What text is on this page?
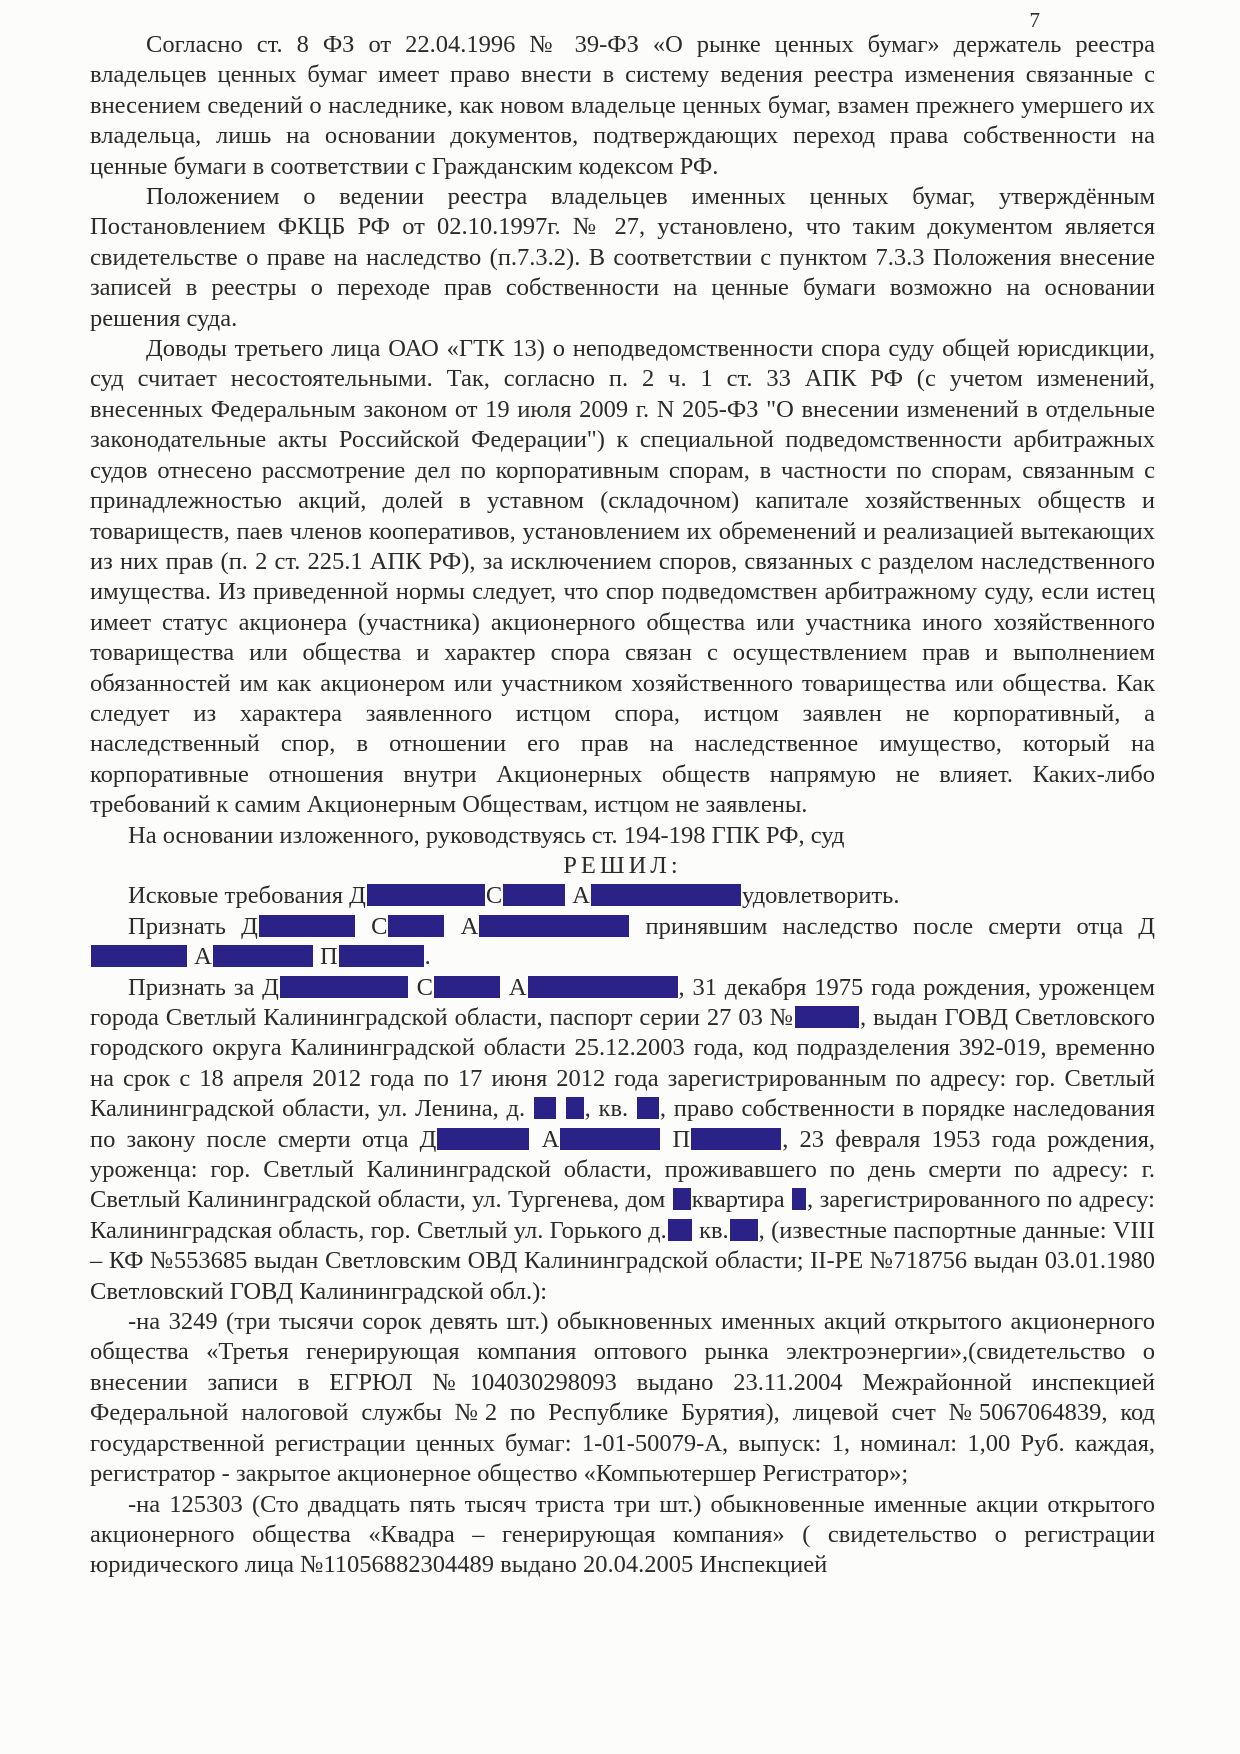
7

Согласно ст. 8 ФЗ от 22.04.1996 № 39-ФЗ «О рынке ценных бумаг» держатель реестра владельцев ценных бумаг имеет право внести в систему ведения реестра изменения связанные с внесением сведений о наследнике, как новом владельце ценных бумаг, взамен прежнего умершего их владельца, лишь на основании документов, подтверждающих переход права собственности на ценные бумаги в соответствии с Гражданским кодексом РФ.

Положением о ведении реестра владельцев именных ценных бумаг, утверждённым Постановлением ФКЦБ РФ от 02.10.1997г. № 27, установлено, что таким документом является свидетельстве о праве на наследство (п.7.3.2). В соответствии с пунктом 7.3.3 Положения внесение записей в реестры о переходе прав собственности на ценные бумаги возможно на основании решения суда.

Доводы третьего лица ОАО «ГТК 13) о неподведомственности спора суду общей юрисдикции, суд считает несостоятельными. Так, согласно п. 2 ч. 1 ст. 33 АПК РФ (с учетом изменений, внесенных Федеральным законом от 19 июля 2009 г. N 205-ФЗ "О внесении изменений в отдельные законодательные акты Российской Федерации") к специальной подведомственности арбитражных судов отнесено рассмотрение дел по корпоративным спорам, в частности по спорам, связанным с принадлежностью акций, долей в уставном (складочном) капитале хозяйственных обществ и товариществ, паев членов кооперативов, установлением их обременений и реализацией вытекающих из них прав (п. 2 ст. 225.1 АПК РФ), за исключением споров, связанных с разделом наследственного имущества. Из приведенной нормы следует, что спор подведомствен арбитражному суду, если истец имеет статус акционера (участника) акционерного общества или участника иного хозяйственного товарищества или общества и характер спора связан с осуществлением прав и выполнением обязанностей им как акционером или участником хозяйственного товарищества или общества. Как следует из характера заявленного истцом спора, истцом заявлен не корпоративный, а наследственный спор, в отношении его прав на наследственное имущество, который на корпоративные отношения внутри Акционерных обществ напрямую не влияет. Каких-либо требований к самим Акционерным Обществам, истцом не заявлены.

На основании изложенного, руководствуясь ст. 194-198 ГПК РФ, суд

РЕШИЛ:

Исковые требования Д	С	А	удовлетворить.

Признать Д	С	А	принявшим наследство после смерти отца Д А	П	.

Признать за Д	С	А	, 31 декабря 1975 года рождения, уроженцем города Светлый Калининградской области, паспорт серии 27 03 №	, выдан ГОВД Светловского городского округа Калининградской области 25.12.2003 года, код подразделения 392-019, временно на срок с 18 апреля 2012 года по 17 июня 2012 года зарегистрированным по адресу: гор. Светлый Калининградской области, ул. Ленина, д. , кв. , право собственности в порядке наследования по закону после смерти отца Д	А	П	, 23 февраля 1953 года рождения, уроженца: гор. Светлый Калининградской области, проживавшего по день смерти по адресу: г. Светлый Калининградской области, ул. Тургенева, дом квартира , зарегистрированного по адресу: Калининградская область, гор. Светлый ул. Горького д. кв. , (известные паспортные данные: VIII – КФ №553685 выдан Светловским ОВД Калининградской области; II-РЕ №718756 выдан 03.01.1980 Светловский ГОВД Калининградской обл.):

-на 3249 (три тысячи сорок девять шт.) обыкновенных именных акций открытого акционерного общества «Третья генерирующая компания оптового рынка электроэнергии»,(свидетельство о внесении записи в ЕГРЮЛ №104030298093 выдано 23.11.2004 Межрайонной инспекцией Федеральной налоговой службы №2 по Республике Бурятия), лицевой счет №5067064839, код государственной регистрации ценных бумаг: 1-01-50079-А, выпуск: 1, номинал: 1,00 Руб. каждая, регистратор - закрытое акционерное общество «Компьютершер Регистратор»;

-на 125303 (Сто двадцать пять тысяч триста три шт.) обыкновенные именные акции открытого акционерного общества «Квадра – генерирующая компания» ( свидетельство о регистрации юридического лица №11056882304489 выдано 20.04.2005 Инспекцией
